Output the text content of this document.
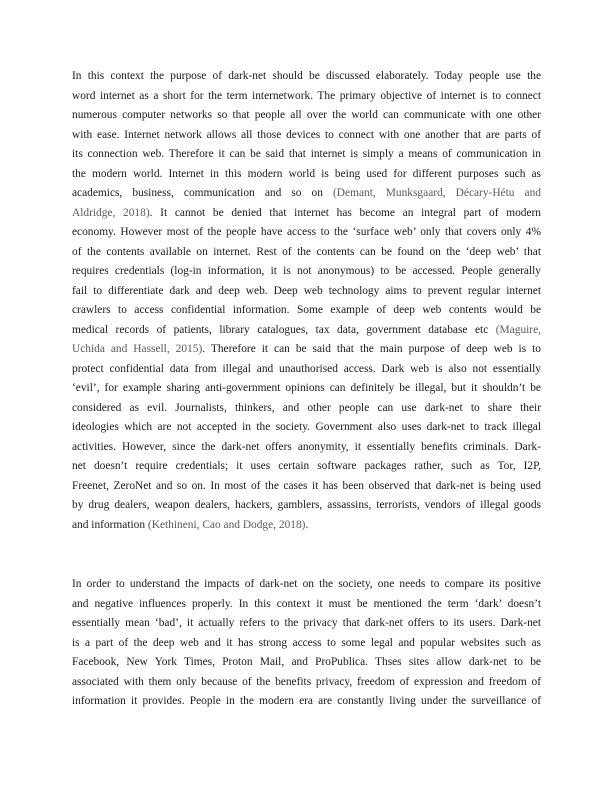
In this context the purpose of dark-net should be discussed elaborately. Today people use the
word internet as a short for the term internetwork. The primary objective of internet is to connect
numerous computer networks so that people all over the world can communicate with one other
with ease. Internet network allows all those devices to connect with one another that are parts of
its connection web. Therefore it can be said that internet is simply a means of communication in
the modern world. Internet in this modern world is being used for different purposes such as
academics, business, communication and so on (Demant, Munksgaard, Décary-Hétu and
Aldridge, 2018). It cannot be denied that internet has become an integral part of modern
economy. However most of the people have access to the ‘surface web’ only that covers only 4%
of the contents available on internet. Rest of the contents can be found on the ‘deep web’ that
requires credentials (log-in information, it is not anonymous) to be accessed. People generally
fail to differentiate dark and deep web. Deep web technology aims to prevent regular internet
crawlers to access confidential information. Some example of deep web contents would be
medical records of patients, library catalogues, tax data, government database etc (Maguire,
Uchida and Hassell, 2015). Therefore it can be said that the main purpose of deep web is to
protect confidential data from illegal and unauthorised access. Dark web is also not essentially
‘evil’, for example sharing anti-government opinions can definitely be illegal, but it shouldn’t be
considered as evil. Journalists, thinkers, and other people can use dark-net to share their
ideologies which are not accepted in the society. Government also uses dark-net to track illegal
activities. However, since the dark-net offers anonymity, it essentially benefits criminals. Dark-
net doesn’t require credentials; it uses certain software packages rather, such as Tor, I2P,
Freenet, ZeroNet and so on. In most of the cases it has been observed that dark-net is being used
by drug dealers, weapon dealers, hackers, gamblers, assassins, terrorists, vendors of illegal goods
and information (Kethineni, Cao and Dodge, 2018).
In order to understand the impacts of dark-net on the society, one needs to compare its positive
and negative influences properly. In this context it must be mentioned the term ‘dark’ doesn’t
essentially mean ‘bad’, it actually refers to the privacy that dark-net offers to its users. Dark-net
is a part of the deep web and it has strong access to some legal and popular websites such as
Facebook, New York Times, Proton Mail, and ProPublica. Thses sites allow dark-net to be
associated with them only because of the benefits privacy, freedom of expression and freedom of
information it provides. People in the modern era are constantly living under the surveillance of
